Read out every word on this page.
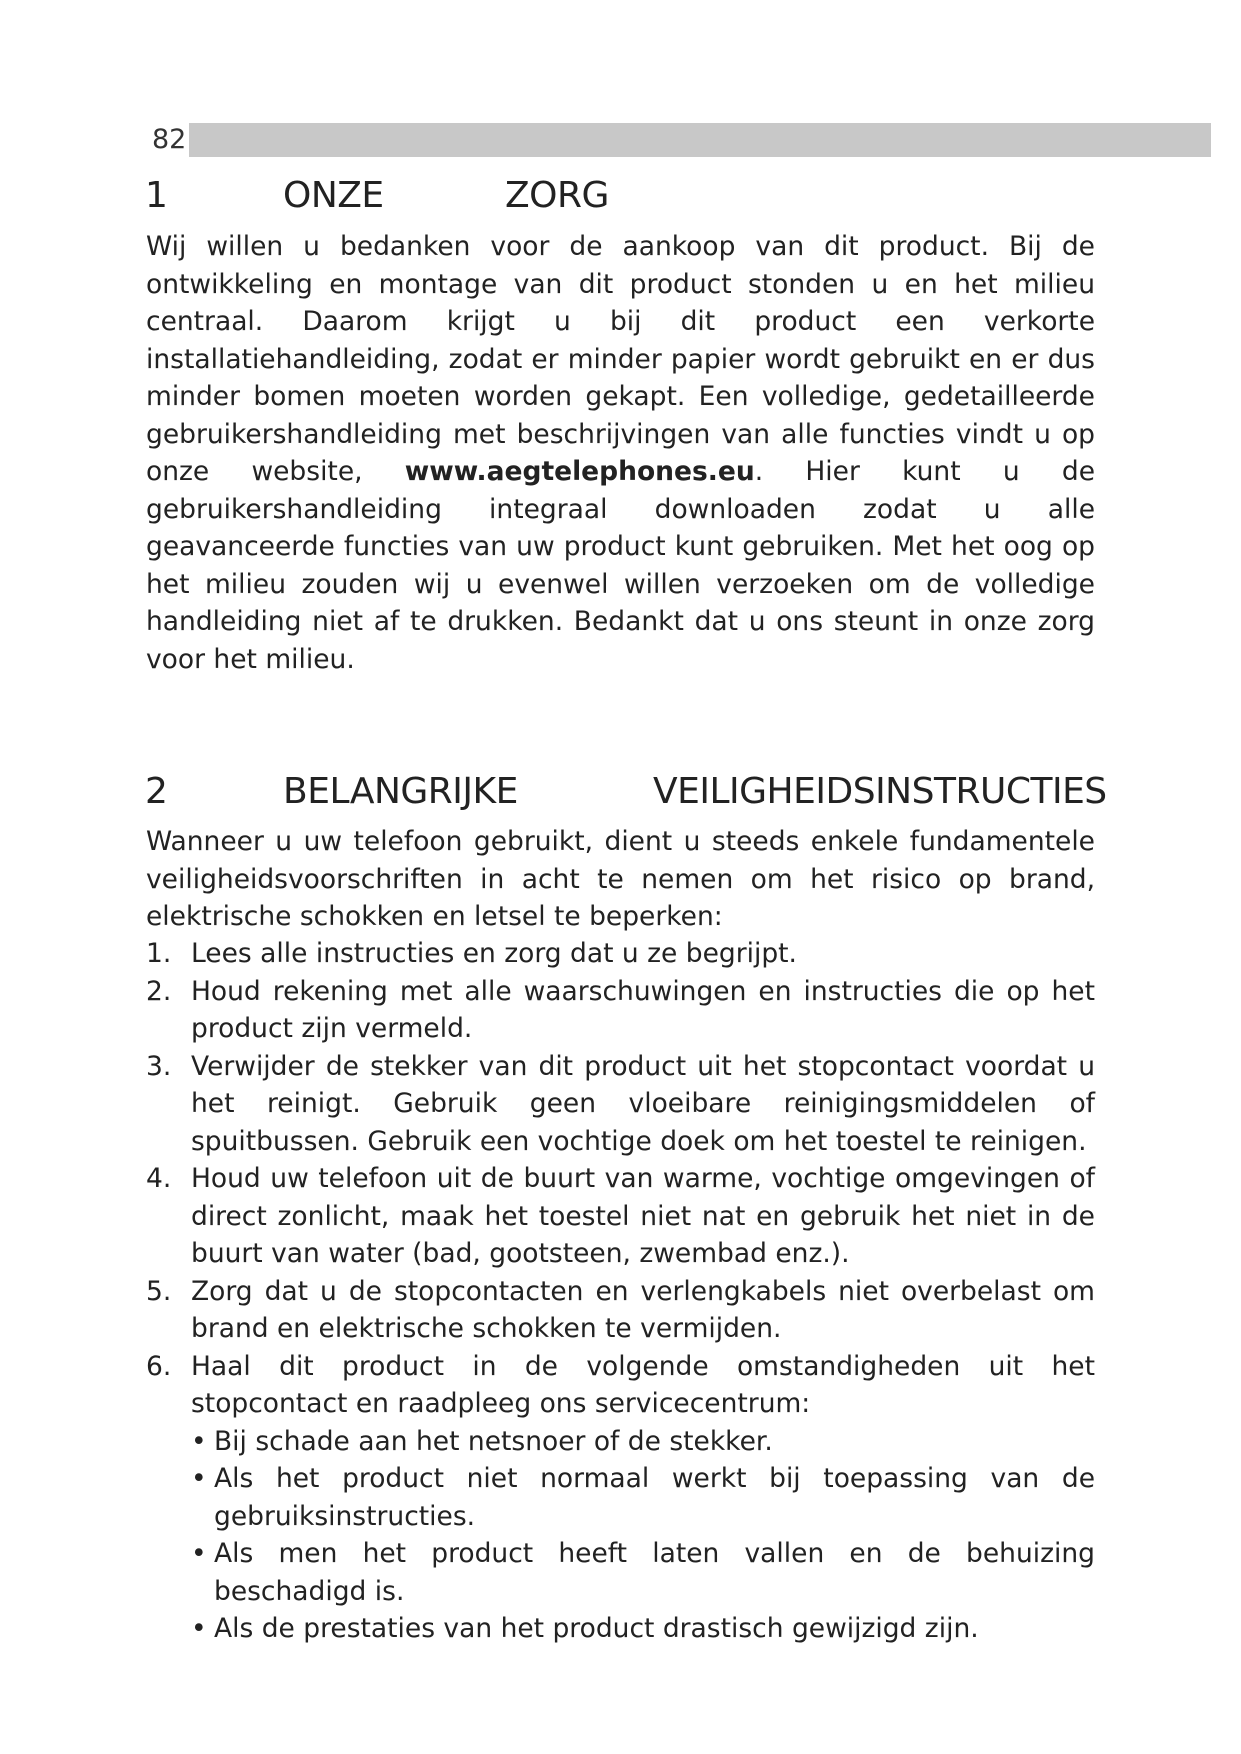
82
1	ONZE	ZORG

Wij willen u bedanken voor de aankoop van dit product. Bij de ontwikkeling en montage van dit product stonden u en het milieu centraal. Daarom krijgt u bij dit product een verkorte installatiehandleiding, zodat er minder papier wordt gebruikt en er dus minder bomen moeten worden gekapt. Een volledige, gedetailleerde gebruikershandleiding met beschrijvingen van alle functies vindt u op onze website, www.aegtelephones.eu. Hier kunt u de gebruikershandleiding integraal downloaden zodat u alle geavanceerde functies van uw product kunt gebruiken. Met het oog op het milieu zouden wij u evenwel willen verzoeken om de volledige handleiding niet af te drukken. Bedankt dat u ons steunt in onze zorg voor het milieu.

2	BELANGRIJKE	VEILIGHEIDSINSTRUCTIES

Wanneer u uw telefoon gebruikt, dient u steeds enkele fundamentele veiligheidsvoorschriften in acht te nemen om het risico op brand, elektrische schokken en letsel te beperken:

1. Lees alle instructies en zorg dat u ze begrijpt.
2. Houd rekening met alle waarschuwingen en instructies die op het product zijn vermeld.
3. Verwijder de stekker van dit product uit het stopcontact voordat u het reinigt. Gebruik geen vloeibare reinigingsmiddelen of spuitbussen. Gebruik een vochtige doek om het toestel te reinigen.
4. Houd uw telefoon uit de buurt van warme, vochtige omgevingen of direct zonlicht, maak het toestel niet nat en gebruik het niet in de buurt van water (bad, gootsteen, zwembad enz.).
5. Zorg dat u de stopcontacten en verlengkabels niet overbelast om brand en elektrische schokken te vermijden.
6. Haal dit product in de volgende omstandigheden uit het stopcontact en raadpleeg ons servicecentrum:
• Bij schade aan het netsnoer of de stekker.
• Als het product niet normaal werkt bij toepassing van de gebruiksinstructies.
• Als men het product heeft laten vallen en de behuizing beschadigd is.
• Als de prestaties van het product drastisch gewijzigd zijn.
